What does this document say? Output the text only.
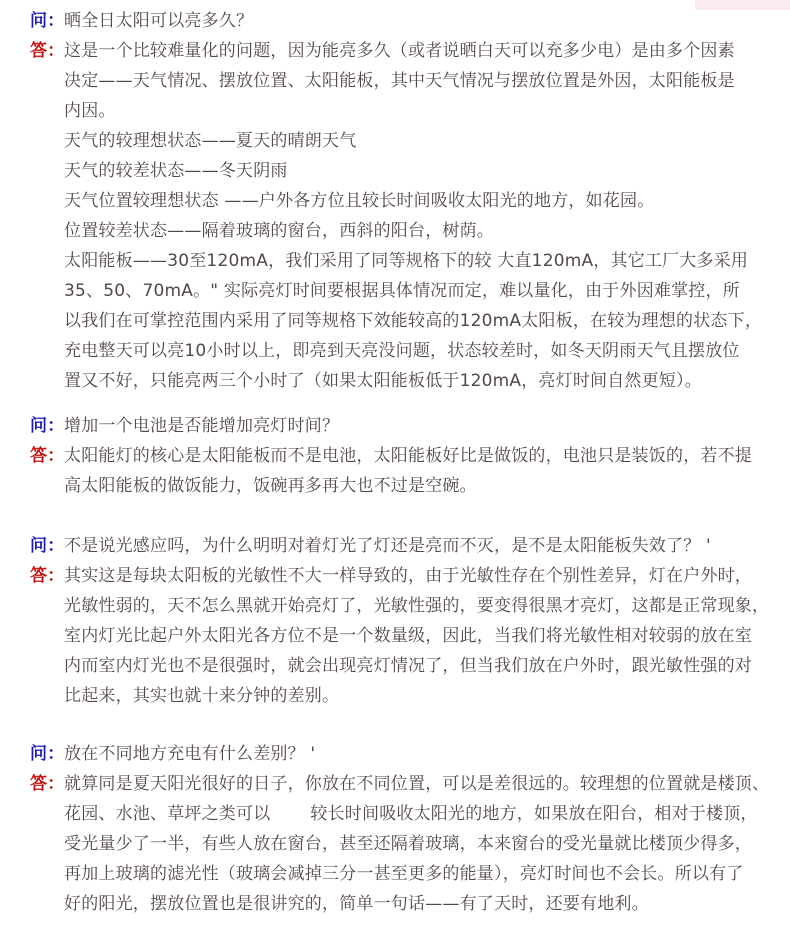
问：晒全日太阳可以亮多久？
答：这是一个比较难量化的问题，因为能亮多久（或者说晒白天可以充多少电）是由多个因素
决定——天气情况、摆放位置、太阳能板，其中天气情况与摆放位置是外因，太阳能板是
内因。
天气的较理想状态——夏天的晴朗天气
天气的较差状态——冬天阴雨
天气位置较理想状态 ——户外各方位且较长时间吸收太阳光的地方，如花园。
位置较差状态——隔着玻璃的窗台，西斜的阳台，树荫。
太阳能板——30至120mA，我们采用了同等规格下的较 大直120mA，其它工厂大多采用
35、50、70mA。" 实际亮灯时间要根据具体情况而定，难以量化，由于外因难掌控，所
以我们在可掌控范围内采用了同等规格下效能较高的120mA太阳板，在较为理想的状态下，
充电整天可以亮10小时以上，即亮到天亮没问题，状态较差时，如冬天阴雨天气且摆放位
置又不好，只能亮两三个小时了（如果太阳能板低于120mA，亮灯时间自然更短）。
问：增加一个电池是否能增加亮灯时间？
答：太阳能灯的核心是太阳能板而不是电池，太阳能板好比是做饭的，电池只是装饭的，若不提
高太阳能板的做饭能力，饭碗再多再大也不过是空碗。
问：不是说光感应吗，为什么明明对着灯光了灯还是亮而不灭，是不是太阳能板失效了？ '
答：其实这是每块太阳板的光敏性不大一样导致的，由于光敏性存在个别性差异，灯在户外时，
光敏性弱的，天不怎么黑就开始亮灯了，光敏性强的，要变得很黑才亮灯，这都是正常现象，
室内灯光比起户外太阳光各方位不是一个数量级，因此，当我们将光敏性相对较弱的放在室
内而室内灯光也不是很强时，就会出现亮灯情况了，但当我们放在户外时，跟光敏性强的对
比起来，其实也就十来分钟的差别。
问：放在不同地方充电有什么差别？ '
答：就算同是夏天阳光很好的日子，你放在不同位置，可以是差很远的。较理想的位置就是楼顶、
花园、水池、草坪之类可以　　 较长时间吸收太阳光的地方，如果放在阳台，相对于楼顶，
受光量少了一半，有些人放在窗台，甚至还隔着玻璃，本来窗台的受光量就比楼顶少得多，
再加上玻璃的滤光性（玻璃会减掉三分一甚至更多的能量），亮灯时间也不会长。所以有了
好的阳光，摆放位置也是很讲究的，简单一句话——有了天时，还要有地利。
